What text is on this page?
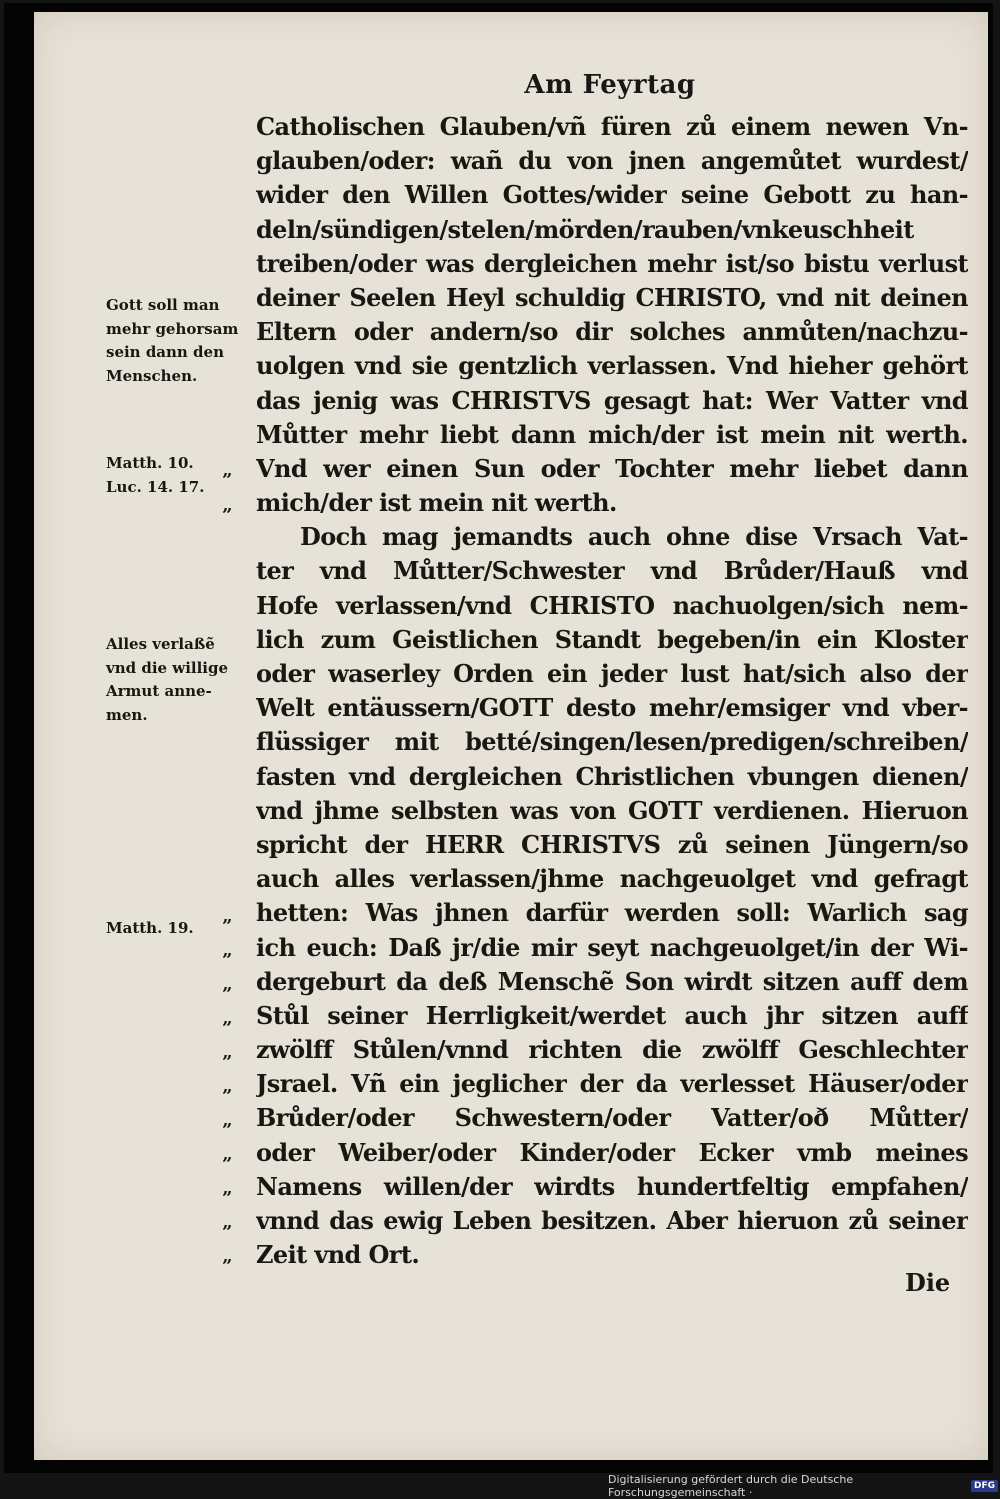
Am Feyrtag
Catholischen Glauben/vñ füren zů einem newen Vn-
glauben/oder: wañ du von jnen angemůtet wurdest/
wider den Willen Gottes/wider seine Gebott zu han-
deln/sündigen/stelen/mörden/rauben/vnkeuschheit
treiben/oder was dergleichen mehr ist/so bistu verlust
deiner Seelen Heyl schuldig CHRISTO, vnd nit deinen
Eltern oder andern/so dir solches anmůten/nachzu-
uolgen vnd sie gentzlich verlassen. Vnd hieher gehört
das jenig was CHRISTVS gesagt hat: Wer Vatter vnd
Můtter mehr liebt dann mich/der ist mein nit werth.
Vnd wer einen Sun oder Tochter mehr liebet dann
mich/der ist mein nit werth.
Doch mag jemandts auch ohne dise Vrsach Vat-
ter vnd Můtter/Schwester vnd Brůder/Hauß vnd
Hofe verlassen/vnd CHRISTO nachuolgen/sich nem-
lich zum Geistlichen Standt begeben/in ein Kloster
oder waserley Orden ein jeder lust hat/sich also der
Welt entäussern/GOTT desto mehr/emsiger vnd vber-
flüssiger mit betté/singen/lesen/predigen/schreiben/
fasten vnd dergleichen Christlichen vbungen dienen/
vnd jhme selbsten was von GOTT verdienen. Hieruon
spricht der HERR CHRISTVS zů seinen Jüngern/so
auch alles verlassen/jhme nachgeuolget vnd gefragt
hetten: Was jhnen darfür werden soll: Warlich sag
ich euch: Daß jr/die mir seyt nachgeuolget/in der Wi-
dergeburt da deß Menschẽ Son wirdt sitzen auff dem
Stůl seiner Herrligkeit/werdet auch jhr sitzen auff
zwölff Stůlen/vnnd richten die zwölff Geschlechter
Jsrael. Vñ ein jeglicher der da verlesset Häuser/oder
Brůder/oder Schwestern/oder Vatter/oð Můtter/
oder Weiber/oder Kinder/oder Ecker vmb meines
Namens willen/der wirdts hundertfeltig empfahen/
vnnd das ewig Leben besitzen. Aber hieruon zů seiner
Zeit vnd Ort.
Gott soll man
mehr gehorsam
sein dann den
Menschen.
Matth. 10.
Luc. 14. 17.
Alles verlaßẽ
vnd die willige
Armut anne-
men.
Matth. 19.
”
”
”
”
”
”
”
”
”
”
”
”
”
Die
Digitalisierung gefördert durch die Deutsche Forschungsgemeinschaft ·	DFG
